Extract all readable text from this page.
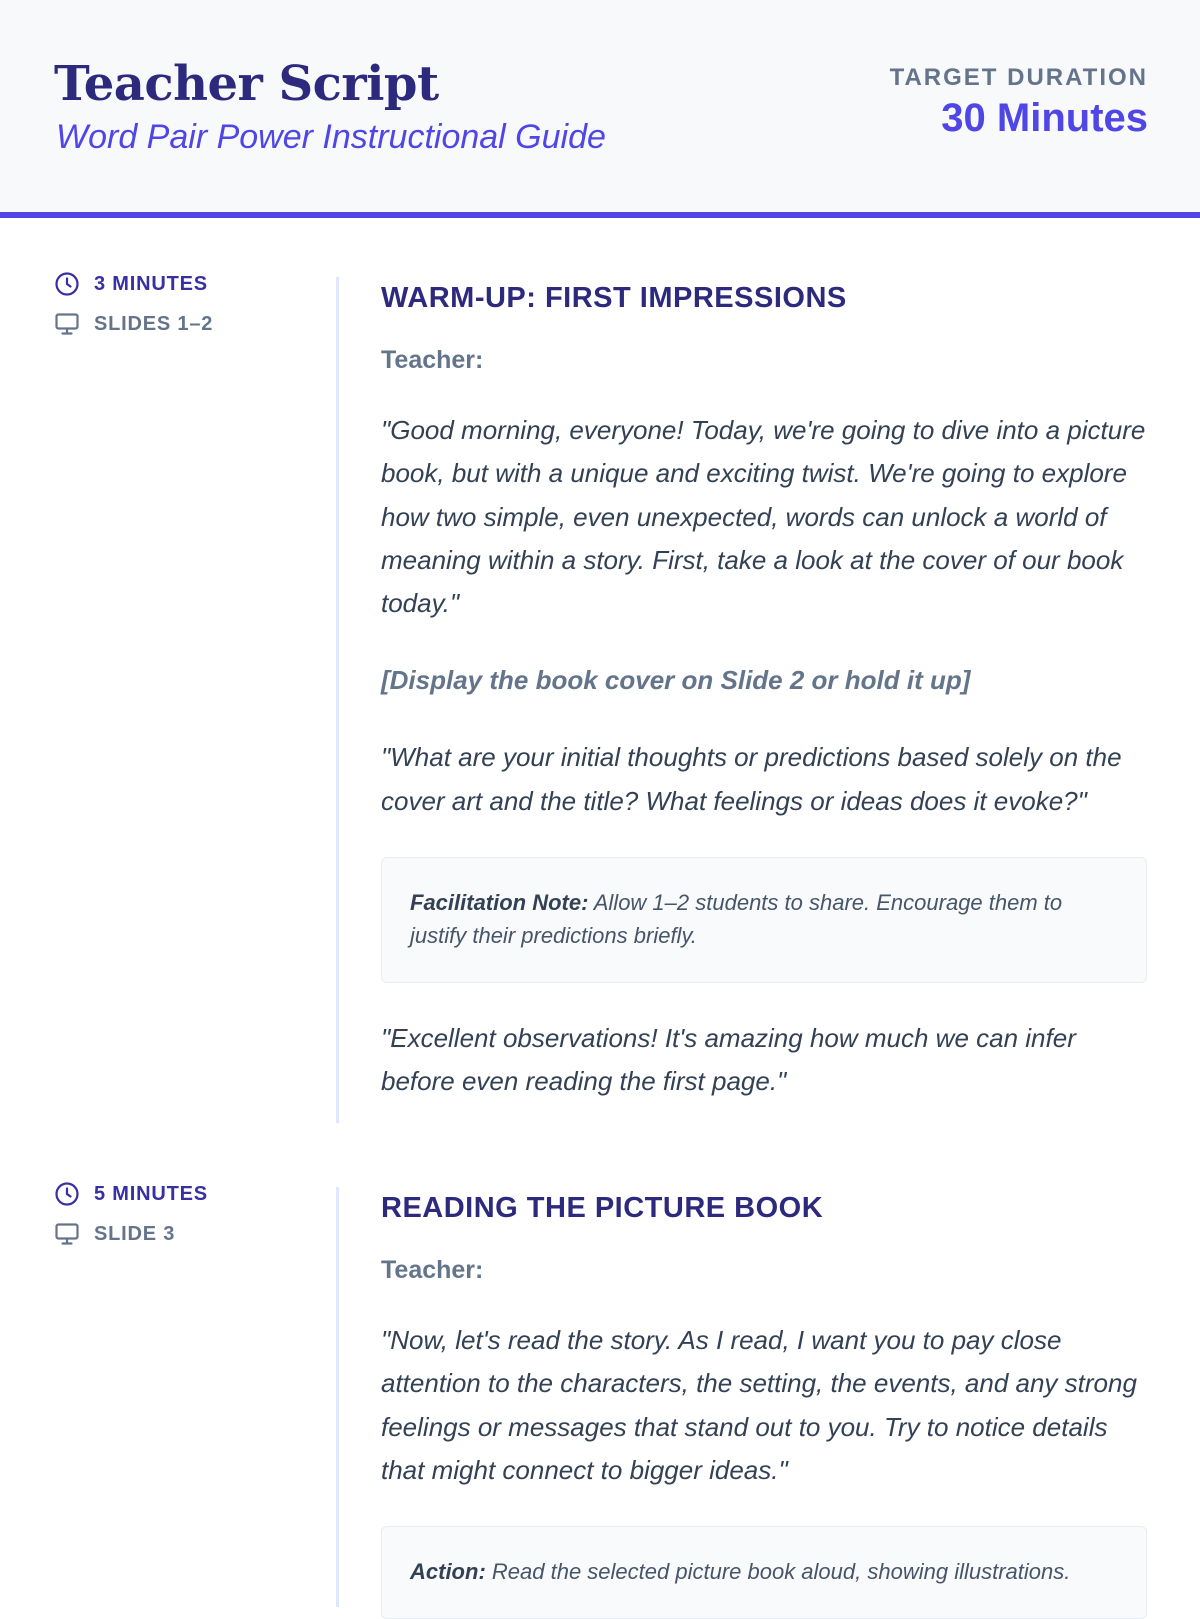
Teacher Script
Word Pair Power Instructional Guide
TARGET DURATION
30 Minutes
3 MINUTES
SLIDES 1–2
WARM-UP: FIRST IMPRESSIONS
Teacher:
"Good morning, everyone! Today, we're going to dive into a picture book, but with a unique and exciting twist. We're going to explore how two simple, even unexpected, words can unlock a world of meaning within a story. First, take a look at the cover of our book today."
[Display the book cover on Slide 2 or hold it up]
"What are your initial thoughts or predictions based solely on the cover art and the title? What feelings or ideas does it evoke?"
Facilitation Note: Allow 1–2 students to share. Encourage them to justify their predictions briefly.
"Excellent observations! It's amazing how much we can infer before even reading the first page."
5 MINUTES
SLIDE 3
READING THE PICTURE BOOK
Teacher:
"Now, let's read the story. As I read, I want you to pay close attention to the characters, the setting, the events, and any strong feelings or messages that stand out to you. Try to notice details that might connect to bigger ideas."
Action: Read the selected picture book aloud, showing illustrations.
